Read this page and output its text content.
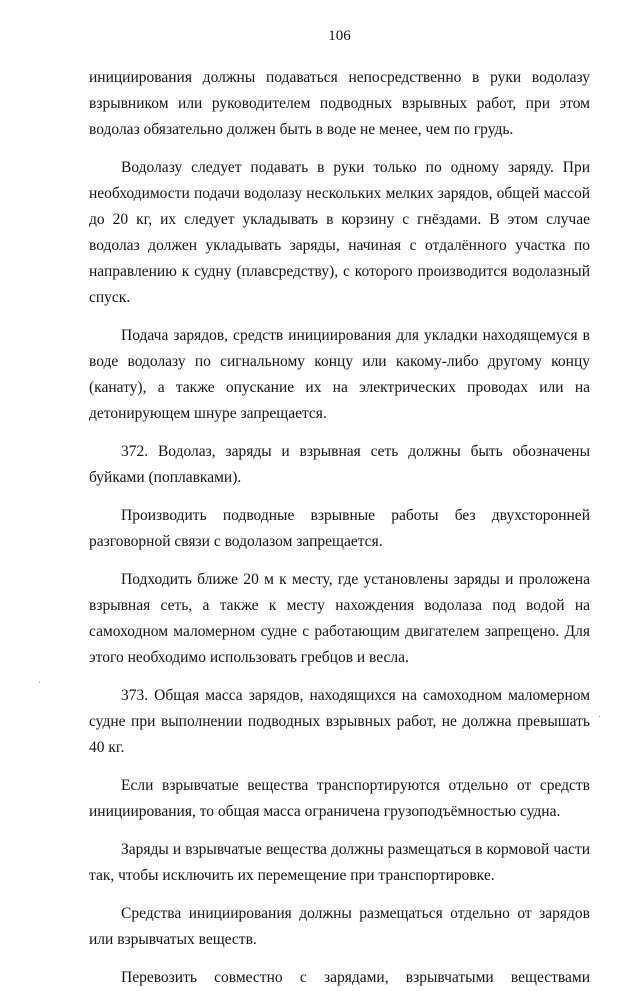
106

инициирования должны подаваться непосредственно в руки водолазу взрывником или руководителем подводных взрывных работ, при этом водолаз обязательно должен быть в воде не менее, чем по грудь.

Водолазу следует подавать в руки только по одному заряду. При необходимости подачи водолазу нескольких мелких зарядов, общей массой до 20 кг, их следует укладывать в корзину с гнёздами. В этом случае водолаз должен укладывать заряды, начиная с отдалённого участка по направлению к судну (плавсредству), с которого производится водолазный спуск.

Подача зарядов, средств инициирования для укладки находящемуся в воде водолазу по сигнальному концу или какому-либо другому концу (канату), а также опускание их на электрических проводах или на детонирующем шнуре запрещается.

372. Водолаз, заряды и взрывная сеть должны быть обозначены буйками (поплавками).

Производить подводные взрывные работы без двухсторонней разговорной связи с водолазом запрещается.

Подходить ближе 20 м к месту, где установлены заряды и проложена взрывная сеть, а также к месту нахождения водолаза под водой на самоходном маломерном судне с работающим двигателем запрещено. Для этого необходимо использовать гребцов и весла.

373. Общая масса зарядов, находящихся на самоходном маломерном судне при выполнении подводных взрывных работ, не должна превышать 40 кг.

Если взрывчатые вещества транспортируются отдельно от средств инициирования, то общая масса ограничена грузоподъёмностью судна.

Заряды и взрывчатые вещества должны размещаться в кормовой части так, чтобы исключить их перемещение при транспортировке.

Средства инициирования должны размещаться отдельно от зарядов или взрывчатых веществ.

Перевозить совместно с зарядами, взрывчатыми веществами

·
·
